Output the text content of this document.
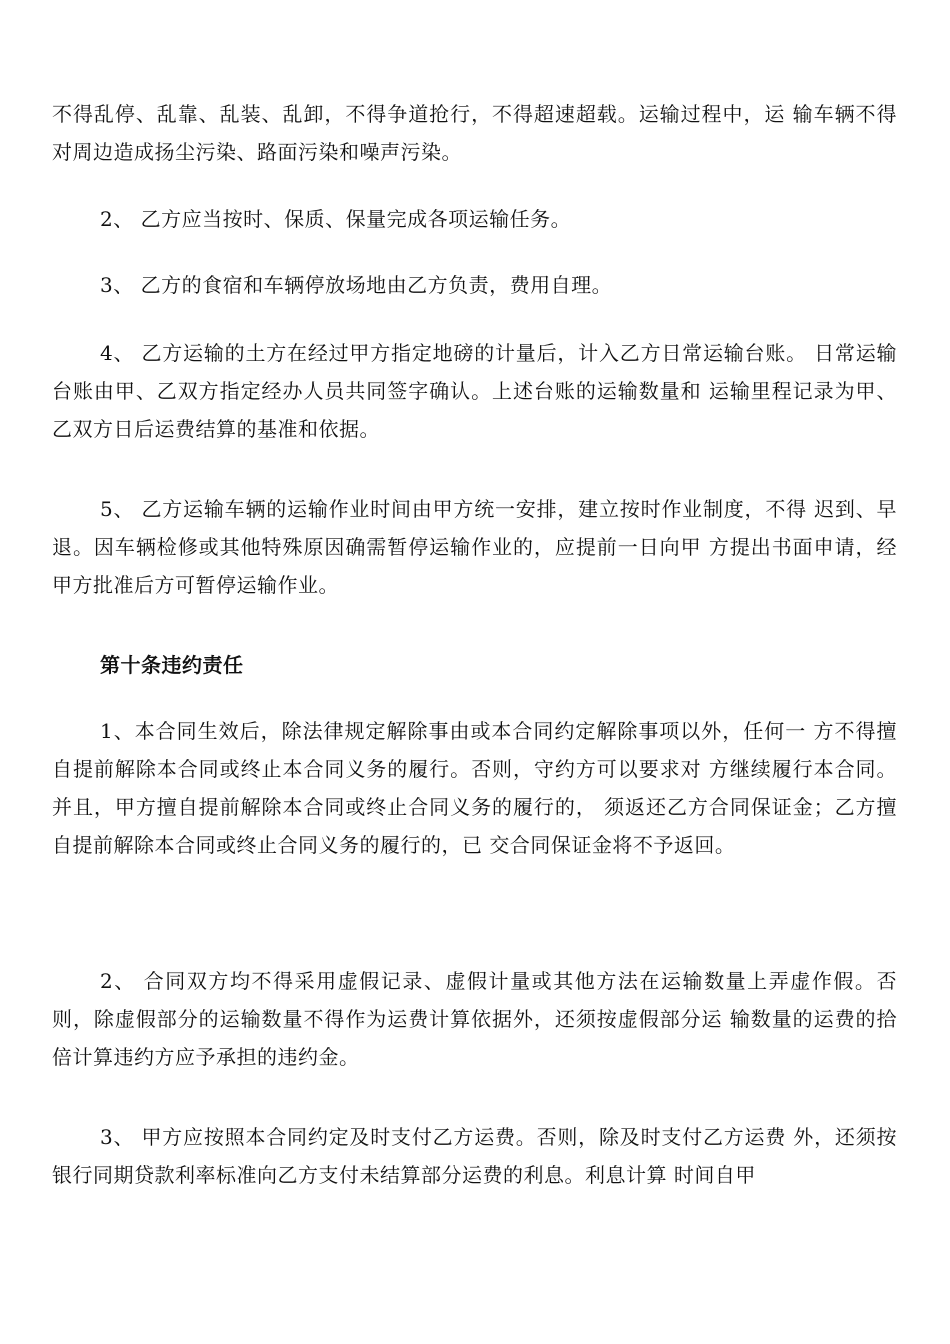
不得乱停、乱靠、乱装、乱卸，不得争道抢行，不得超速超载。运输过程中，运 输车辆不得对周边造成扬尘污染、路面污染和噪声污染。

2、 乙方应当按时、保质、保量完成各项运输任务。

3、 乙方的食宿和车辆停放场地由乙方负责，费用自理。

4、 乙方运输的土方在经过甲方指定地磅的计量后，计入乙方日常运输台账。 日常运输台账由甲、乙双方指定经办人员共同签字确认。上述台账的运输数量和 运输里程记录为甲、乙双方日后运费结算的基准和依据。

5、 乙方运输车辆的运输作业时间由甲方统一安排，建立按时作业制度，不得 迟到、早退。因车辆检修或其他特殊原因确需暂停运输作业的，应提前一日向甲 方提出书面申请，经甲方批准后方可暂停运输作业。

第十条违约责任

1、本合同生效后，除法律规定解除事由或本合同约定解除事项以外，任何一 方不得擅自提前解除本合同或终止本合同义务的履行。否则，守约方可以要求对 方继续履行本合同。并且，甲方擅自提前解除本合同或终止合同义务的履行的， 须返还乙方合同保证金；乙方擅自提前解除本合同或终止合同义务的履行的，已 交合同保证金将不予返回。

2、 合同双方均不得采用虚假记录、虚假计量或其他方法在运输数量上弄虚作假。否则，除虚假部分的运输数量不得作为运费计算依据外，还须按虚假部分运 输数量的运费的拾倍计算违约方应予承担的违约金。

3、 甲方应按照本合同约定及时支付乙方运费。否则，除及时支付乙方运费 外，还须按银行同期贷款利率标准向乙方支付未结算部分运费的利息。利息计算 时间自甲
